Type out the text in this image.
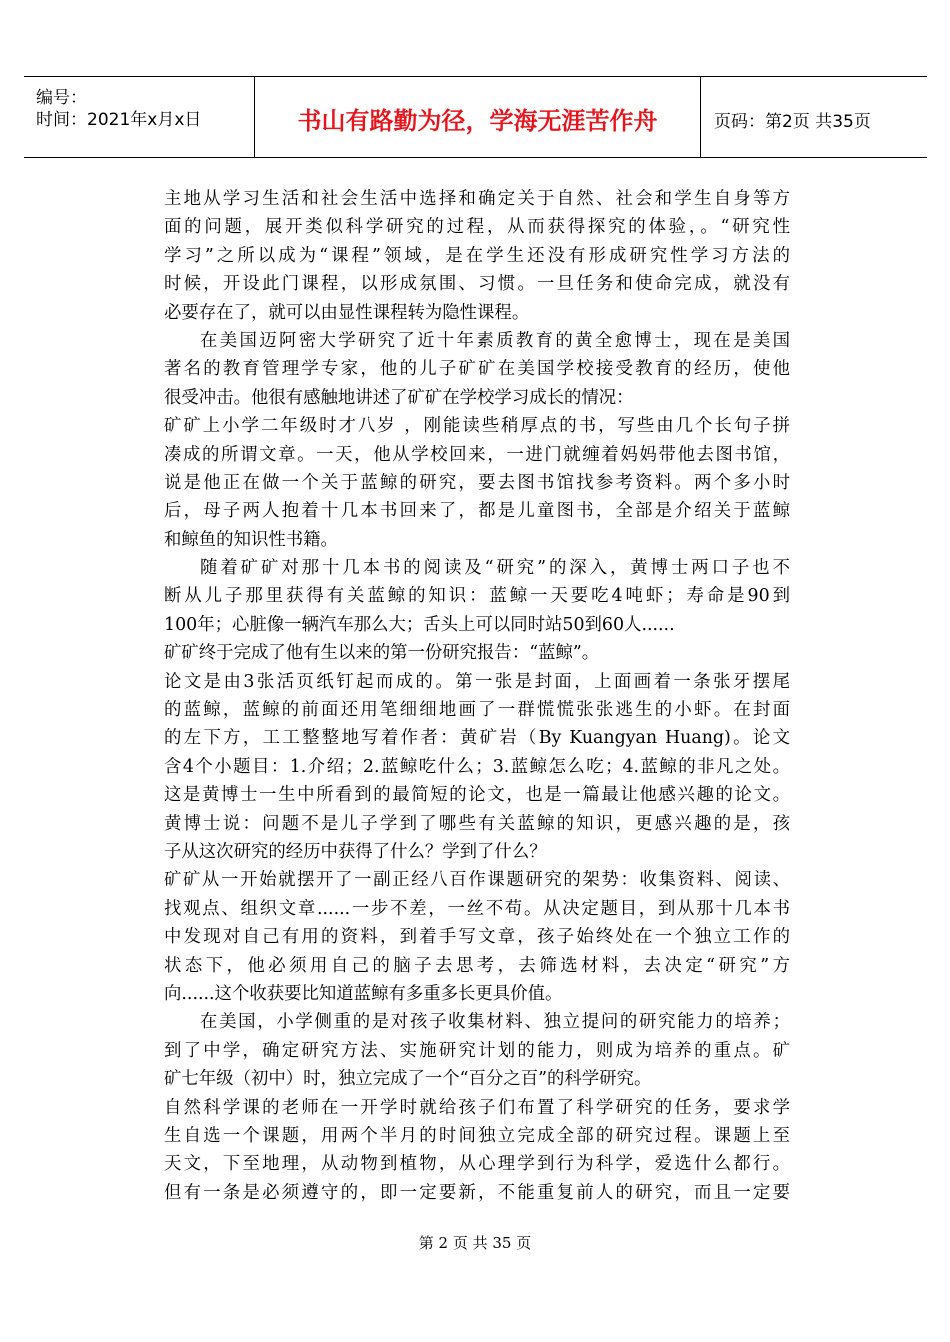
编号：
时间：2021年x月x日	书山有路勤为径，学海无涯苦作舟	页码：第2页 共35页
主地从学习生活和社会生活中选择和确定关于自然、社会和学生自身等方
面的问题，展开类似科学研究的过程，从而获得探究的体验，。“研究性
学习”之所以成为“课程”领域，是在学生还没有形成研究性学习方法的
时候，开设此门课程，以形成氛围、习惯。一旦任务和使命完成，就没有
必要存在了，就可以由显性课程转为隐性课程。
在美国迈阿密大学研究了近十年素质教育的黄全愈博士，现在是美国
著名的教育管理学专家，他的儿子矿矿在美国学校接受教育的经历，使他
很受冲击。他很有感触地讲述了矿矿在学校学习成长的情况：
矿矿上小学二年级时才八岁 ，刚能读些稍厚点的书，写些由几个长句子拼
凑成的所谓文章。一天，他从学校回来，一进门就缠着妈妈带他去图书馆，
说是他正在做一个关于蓝鲸的研究，要去图书馆找参考资料。两个多小时
后，母子两人抱着十几本书回来了，都是儿童图书，全部是介绍关于蓝鲸
和鲸鱼的知识性书籍。
随着矿矿对那十几本书的阅读及“研究”的深入，黄博士两口子也不
断从儿子那里获得有关蓝鲸的知识：蓝鲸一天要吃4吨虾；寿命是90到
100年；心脏像一辆汽车那么大；舌头上可以同时站50到60人......
矿矿终于完成了他有生以来的第一份研究报告：“蓝鲸”。
论文是由3张活页纸钉起而成的。第一张是封面，上面画着一条张牙摆尾
的蓝鲸，蓝鲸的前面还用笔细细地画了一群慌慌张张逃生的小虾。在封面
的左下方，工工整整地写着作者：黄矿岩（By Kuangyan Huang)。论文
含4个小题目：1.介绍；2.蓝鲸吃什么；3.蓝鲸怎么吃；4.蓝鲸的非凡之处。
这是黄博士一生中所看到的最简短的论文，也是一篇最让他感兴趣的论文。
黄博士说：问题不是儿子学到了哪些有关蓝鲸的知识，更感兴趣的是，孩
子从这次研究的经历中获得了什么？学到了什么？
矿矿从一开始就摆开了一副正经八百作课题研究的架势：收集资料、阅读、
找观点、组织文章......一步不差，一丝不苟。从决定题目，到从那十几本书
中发现对自己有用的资料，到着手写文章，孩子始终处在一个独立工作的
状态下，他必须用自己的脑子去思考，去筛选材料，去决定“研究”方
向......这个收获要比知道蓝鲸有多重多长更具价值。
在美国，小学侧重的是对孩子收集材料、独立提问的研究能力的培养；
到了中学，确定研究方法、实施研究计划的能力，则成为培养的重点。矿
矿七年级（初中）时，独立完成了一个“百分之百”的科学研究。
自然科学课的老师在一开学时就给孩子们布置了科学研究的任务，要求学
生自选一个课题，用两个半月的时间独立完成全部的研究过程。课题上至
天文，下至地理，从动物到植物，从心理学到行为科学，爱选什么都行。
但有一条是必须遵守的，即一定要新，不能重复前人的研究，而且一定要
第 2 页 共 35 页
